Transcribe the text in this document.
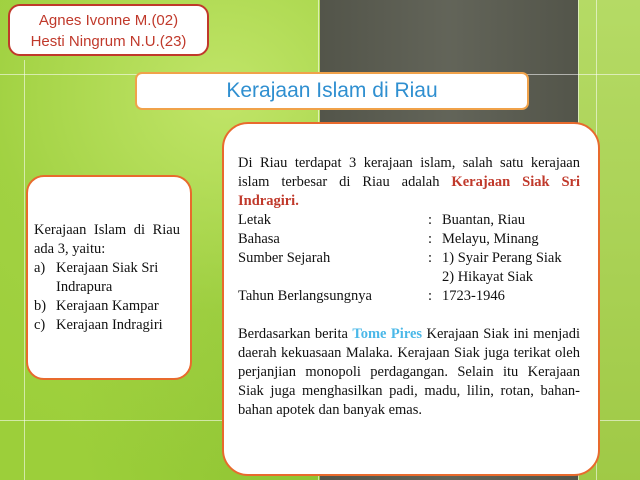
Agnes Ivonne M.(02)
Hesti Ningrum N.U.(23)
Kerajaan Islam di Riau
Kerajaan Islam di Riau ada 3, yaitu:
a) Kerajaan Siak Sri
Indrapura
b) Kerajaan Kampar
c) Kerajaan Indragiri

Di Riau terdapat 3 kerajaan islam, salah satu kerajaan islam terbesar di Riau adalah Kerajaan Siak Sri Indragiri.

Letak	: Buantan, Riau
Bahasa	: Melayu, Minang
Sumber Sejarah	: 1) Syair Perang Siak
2) Hikayat Siak
Tahun Berlangsungnya	: 1723-1946

Berdasarkan berita Tome Pires Kerajaan Siak ini menjadi daerah kekuasaan Malaka. Kerajaan Siak juga terikat oleh perjanjian monopoli perdagangan. Selain itu Kerajaan Siak juga menghasilkan padi, madu, lilin, rotan, bahan-bahan apotek dan banyak emas.
